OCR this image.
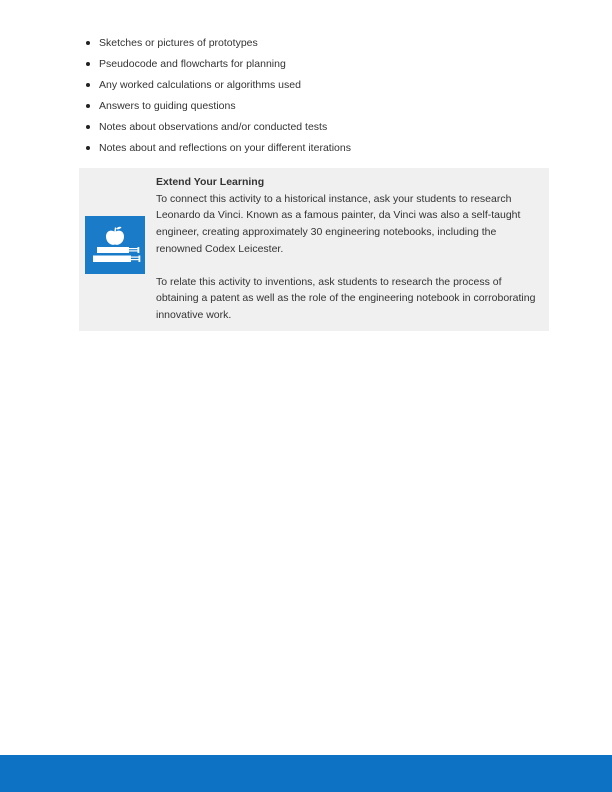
Sketches or pictures of prototypes
Pseudocode and flowcharts for planning
Any worked calculations or algorithms used
Answers to guiding questions
Notes about observations and/or conducted tests
Notes about and reflections on your different iterations

Extend Your Learning

To connect this activity to a historical instance, ask your students to research Leonardo da Vinci. Known as a famous painter, da Vinci was also a self-taught engineer, creating approximately 30 engineering notebooks, including the renowned Codex Leicester.

To relate this activity to inventions, ask students to research the process of obtaining a patent as well as the role of the engineering notebook in corroborating innovative work.
